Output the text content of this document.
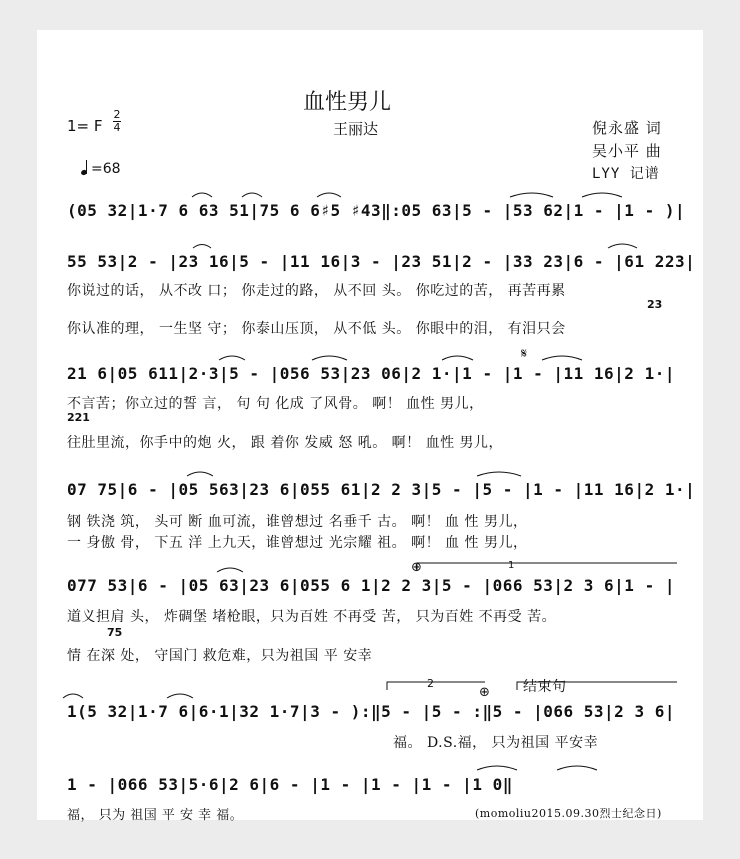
血性男儿
王丽达	倪永盛 词
吴小平 曲
LYY 记谱
1= F
2
4
=68
(05 32|1·7 6 63 51|75 6 6♯5 ♯43‖:05 63|5 - |53 62|1 - |1 - )|
55 53|2 - |23 16|5 - |11 16|3 - |23 51|2 - |33 23|6 - |61 223|
你说过的话， 从不改 口； 你走过的路， 从不回 头。 你吃过的苦， 再苦再累
23
你认准的理， 一生坚 守； 你泰山压顶， 从不低 头。 你眼中的泪， 有泪只会
21 6|05 611|2·3|5 - |056 53|23 06|2 1·|1 - |1 - |11 16|2 1·|
不言苦；你立过的誓 言， 句 句 化成 了风骨。 啊！ 血性 男儿，
221
往肚里流，你手中的炮 火， 跟 着你 发威 怒 吼。 啊！ 血性 男儿，
07 75|6 - |05 563|23 6|055 61|2 2 3|5 - |5 - |1 - |11 16|2 1·|
钢 铁浇 筑， 头可 断 血可流，谁曾想过 名垂千 古。 啊！ 血 性 男儿，
一 身傲 骨， 下五 洋 上九天，谁曾想过 光宗耀 祖。 啊！ 血 性 男儿，
077 53|6 - |05 63|23 6|055 6 1|2 2 3|5 - |066 53|2 3 6|1 - |
道义担肩 头， 炸碉堡 堵枪眼，只为百姓 不再受 苦， 只为百姓 不再受 苦。
75
情 在深 处， 守国门 救危难，只为祖国 平 安幸
2	结束句
1(5 32|1·7 6|6·1|32 1·7|3 - ):‖5 - |5 - :‖5 - |066 53|2 3 6|
福。 D.S.福， 只为祖国 平安幸
1 - |066 53|5·6|2 6|6 - |1 - |1 - |1 - |1 0‖
福， 只为 祖国 平 安 幸 福。	(momoliu2015.09.30烈士纪念日)
𝄋
⊕
⊕
1
